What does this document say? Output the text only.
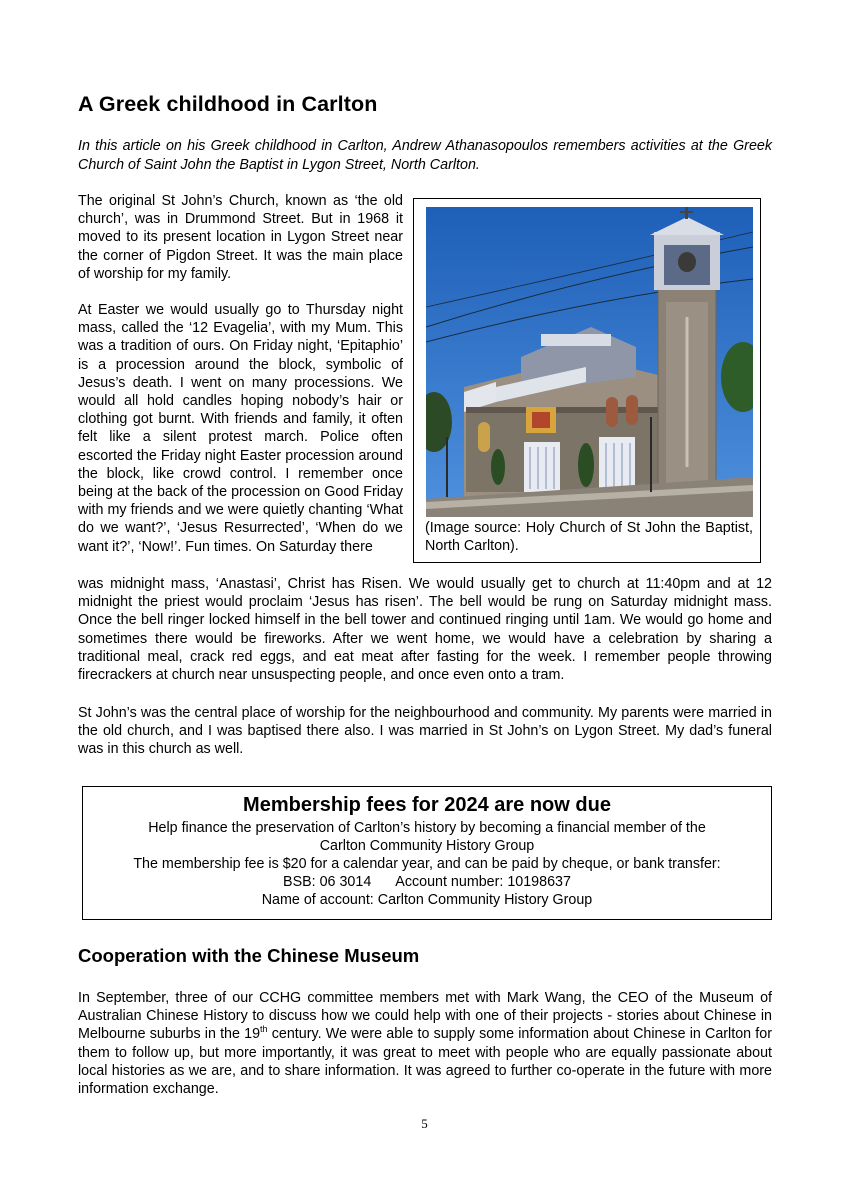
A Greek childhood in Carlton

In this article on his Greek childhood in Carlton, Andrew Athanasopoulos remembers activities at the Greek Church of Saint John the Baptist in Lygon Street, North Carlton.

The original St John’s Church, known as ‘the old church’, was in Drummond Street. But in 1968 it moved to its present location in Lygon Street near the corner of Pigdon Street. It was the main place of worship for my family.

At Easter we would usually go to Thursday night mass, called the ‘12 Evagelia’, with my Mum. This was a tradition of ours. On Friday night, ‘Epitaphio’ is a procession around the block, symbolic of Jesus’s death. I went on many processions. We would all hold candles hoping nobody’s hair or clothing got burnt. With friends and family, it often felt like a silent protest march. Police often escorted the Friday night Easter procession around the block, like crowd control. I remember once being at the back of the procession on Good Friday with my friends and we were quietly chanting ‘What do we want?’, ‘Jesus Resurrected’, ‘When do we want it?’, ‘Now!’. Fun times. On Saturday there

was midnight mass, ‘Anastasi’, Christ has Risen. We would usually get to church at 11:40pm and at 12 midnight the priest would proclaim ‘Jesus has risen’. The bell would be rung on Saturday midnight mass. Once the bell ringer locked himself in the bell tower and continued ringing until 1am. We would go home and sometimes there would be fireworks. After we went home, we would have a celebration by sharing a traditional meal, crack red eggs, and eat meat after fasting for the week. I remember people throwing firecrackers at church near unsuspecting people, and once even onto a tram.

St John’s was the central place of worship for the neighbourhood and community. My parents were married in the old church, and I was baptised there also. I was married in St John’s on Lygon Street. My dad’s funeral was in this church as well.

(Image source: Holy Church of St John the Baptist, North Carlton).

Membership fees for 2024 are now due

Help finance the preservation of Carlton’s history by becoming a financial member of the

Carlton Community History Group

The membership fee is $20 for a calendar year, and can be paid by cheque, or bank transfer:

BSB: 06 3014 Account number: 10198637

Name of account: Carlton Community History Group

Cooperation with the Chinese Museum

In September, three of our CCHG committee members met with Mark Wang, the CEO of the Museum of Australian Chinese History to discuss how we could help with one of their projects - stories about Chinese in Melbourne suburbs in the 19th century. We were able to supply some information about Chinese in Carlton for them to follow up, but more importantly, it was great to meet with people who are equally passionate about local histories as we are, and to share information. It was agreed to further co-operate in the future with more information exchange.

5
